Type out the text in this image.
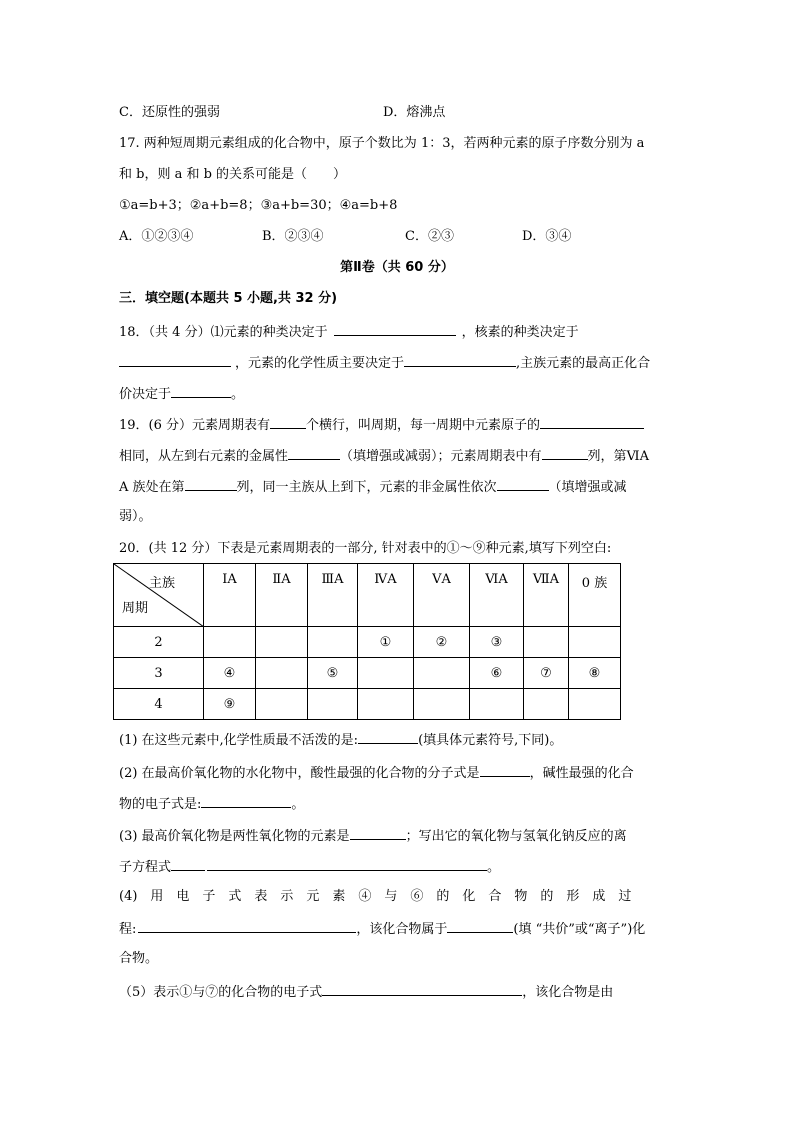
C．还原性的强弱	D．熔沸点
17. 两种短周期元素组成的化合物中，原子个数比为 1：3，若两种元素的原子序数分别为 a
和 b，则 a 和 b 的关系可能是（　　）
①a=b+3；②a+b=8；③a+b=30；④a=b+8
A．①②③④	B．②③④	C．②③	D．③④
第Ⅱ卷（共 60 分）
三．填空题(本题共 5 小题,共 32 分)
18．（共 4 分）⑴元素的种类决定于	，核素的种类决定于
，元素的化学性质主要决定于	,主族元素的最高正化合
价决定于	。
19．(6 分）元素周期表有	个横行，叫周期，每一周期中元素原子的
相同，从左到右元素的金属性	（填增强或减弱）；元素周期表中有	列，第ⅥA
A 族处在第	列，同一主族从上到下，元素的非金属性依次	（填增强或减
弱）。
20．(共 12 分）下表是元素周期表的一部分, 针对表中的①～⑨种元素,填写下列空白:
主族
周期	ⅠA	ⅡA	ⅢA	ⅣA	ⅤA	ⅥA	ⅦA	0 族
2				①	②	③		
3	④		⑤			⑥	⑦	⑧
4	⑨							
(1) 在这些元素中,化学性质最不活泼的是:	(填具体元素符号,下同)。
(2) 在最高价氧化物的水化物中，酸性最强的化合物的分子式是	，碱性最强的化合
物的电子式是:	。
(3) 最高价氧化物是两性氧化物的元素是	；写出它的氧化物与氢氧化钠反应的离
子方程式	。
(4)　用　电　子　式　表　示　元　素　④　与　⑥　的　化　合　物　的　形　成　过
程:	，该化合物属于	(填 “共价”或“离子”)化
合物。
（5）表示①与⑦的化合物的电子式	，该化合物是由
